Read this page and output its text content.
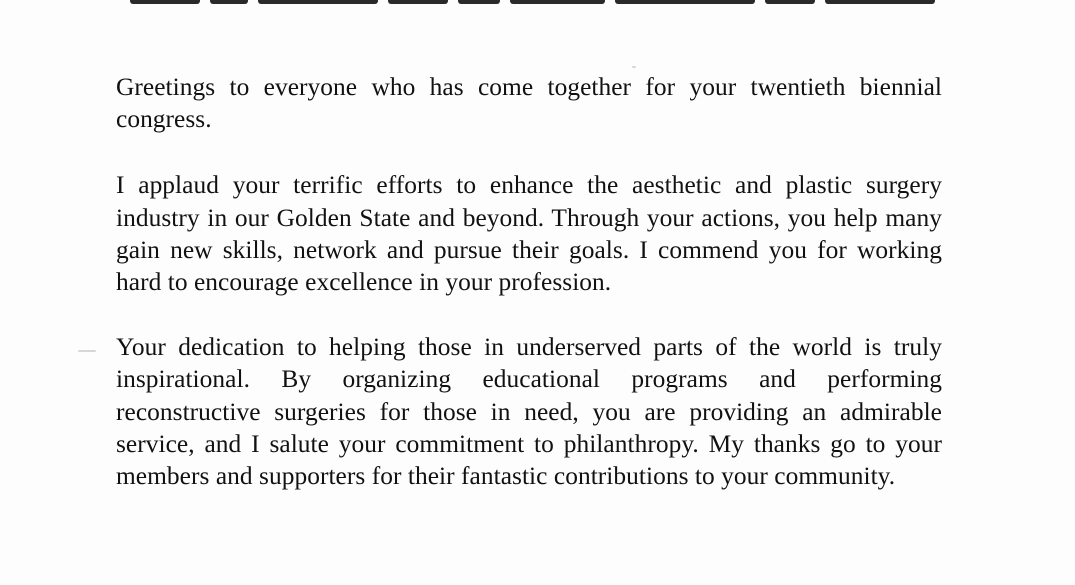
Greetings to everyone who has come together for your twentieth biennial congress.

I applaud your terrific efforts to enhance the aesthetic and plastic surgery industry in our Golden State and beyond. Through your actions, you help many gain new skills, network and pursue their goals. I commend you for working hard to encourage excellence in your profession.

Your dedication to helping those in underserved parts of the world is truly inspirational. By organizing educational programs and performing reconstructive surgeries for those in need, you are providing an admirable service, and I salute your commitment to philanthropy. My thanks go to your members and supporters for their fantastic contributions to your community.
